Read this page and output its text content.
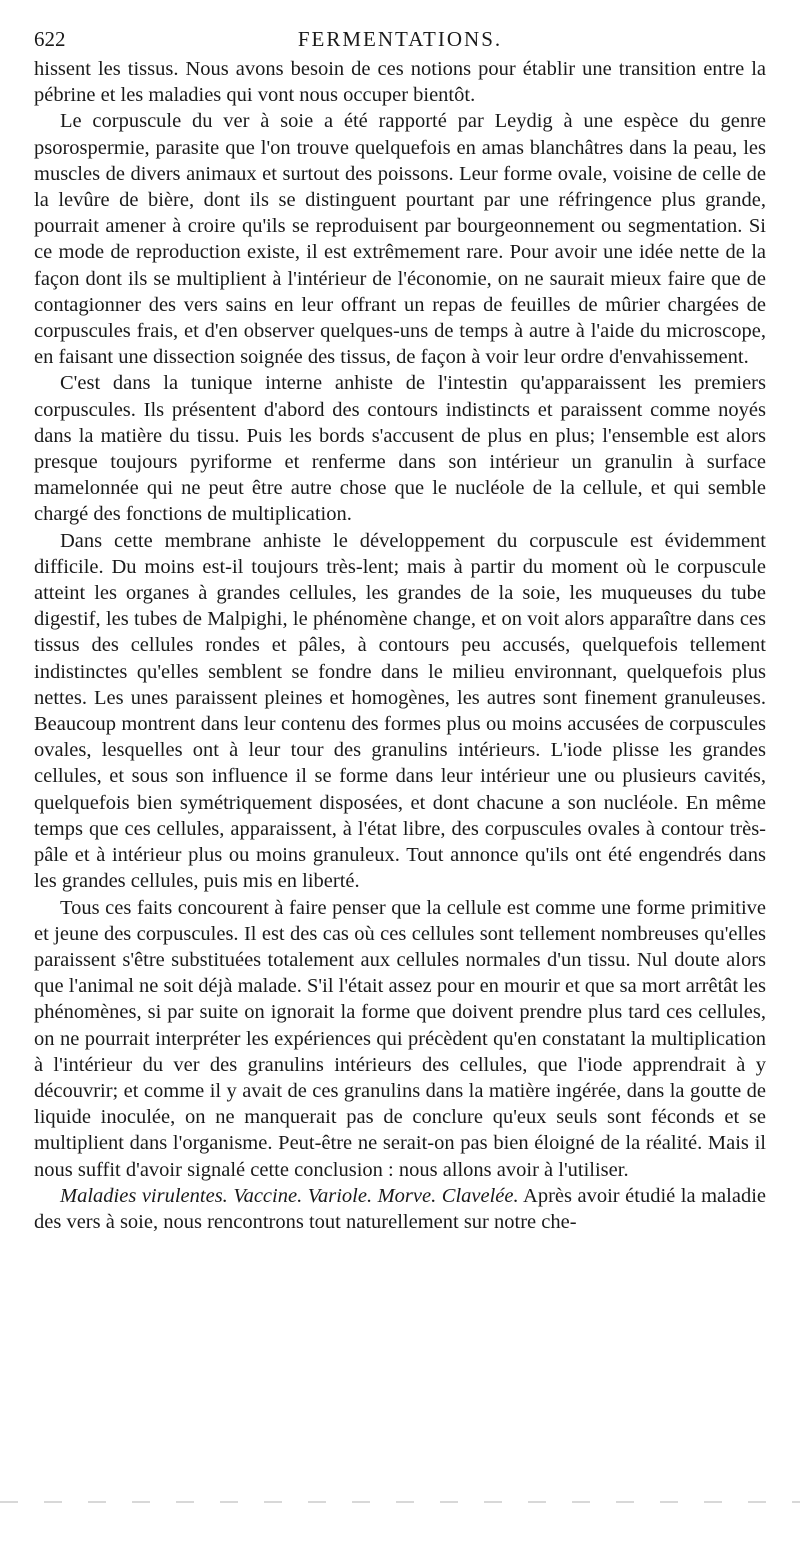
622	FERMENTATIONS.

hissent les tissus. Nous avons besoin de ces notions pour établir une transition entre la pébrine et les maladies qui vont nous occuper bientôt.

Le corpuscule du ver à soie a été rapporté par Leydig à une espèce du genre psorospermie, parasite que l'on trouve quelquefois en amas blanchâtres dans la peau, les muscles de divers animaux et surtout des poissons. Leur forme ovale, voisine de celle de la levûre de bière, dont ils se distinguent pourtant par une réfringence plus grande, pourrait amener à croire qu'ils se reproduisent par bourgeonnement ou segmentation. Si ce mode de reproduction existe, il est extrêmement rare. Pour avoir une idée nette de la façon dont ils se multiplient à l'intérieur de l'économie, on ne saurait mieux faire que de contagionner des vers sains en leur offrant un repas de feuilles de mûrier chargées de corpuscules frais, et d'en observer quelques-uns de temps à autre à l'aide du microscope, en faisant une dissection soignée des tissus, de façon à voir leur ordre d'envahissement.

C'est dans la tunique interne anhiste de l'intestin qu'apparaissent les premiers corpuscules. Ils présentent d'abord des contours indistincts et paraissent comme noyés dans la matière du tissu. Puis les bords s'accusent de plus en plus; l'ensemble est alors presque toujours pyriforme et renferme dans son intérieur un granulin à surface mamelonnée qui ne peut être autre chose que le nucléole de la cellule, et qui semble chargé des fonctions de multiplication.

Dans cette membrane anhiste le développement du corpuscule est évidemment difficile. Du moins est-il toujours très-lent; mais à partir du moment où le corpuscule atteint les organes à grandes cellules, les grandes de la soie, les muqueuses du tube digestif, les tubes de Malpighi, le phénomène change, et on voit alors apparaître dans ces tissus des cellules rondes et pâles, à contours peu accusés, quelquefois tellement indistinctes qu'elles semblent se fondre dans le milieu environnant, quelquefois plus nettes. Les unes paraissent pleines et homogènes, les autres sont finement granuleuses. Beaucoup montrent dans leur contenu des formes plus ou moins accusées de corpuscules ovales, lesquelles ont à leur tour des granulins intérieurs. L'iode plisse les grandes cellules, et sous son influence il se forme dans leur intérieur une ou plusieurs cavités, quelquefois bien symétriquement disposées, et dont chacune a son nucléole. En même temps que ces cellules, apparaissent, à l'état libre, des corpuscules ovales à contour très-pâle et à intérieur plus ou moins granuleux. Tout annonce qu'ils ont été engendrés dans les grandes cellules, puis mis en liberté.

Tous ces faits concourent à faire penser que la cellule est comme une forme primitive et jeune des corpuscules. Il est des cas où ces cellules sont tellement nombreuses qu'elles paraissent s'être substituées totalement aux cellules normales d'un tissu. Nul doute alors que l'animal ne soit déjà malade. S'il l'était assez pour en mourir et que sa mort arrêtât les phénomènes, si par suite on ignorait la forme que doivent prendre plus tard ces cellules, on ne pourrait interpréter les expériences qui précèdent qu'en constatant la multiplication à l'intérieur du ver des granulins intérieurs des cellules, que l'iode apprendrait à y découvrir; et comme il y avait de ces granulins dans la matière ingérée, dans la goutte de liquide inoculée, on ne manquerait pas de conclure qu'eux seuls sont féconds et se multiplient dans l'organisme. Peut-être ne serait-on pas bien éloigné de la réalité. Mais il nous suffit d'avoir signalé cette conclusion : nous allons avoir à l'utiliser.

Maladies virulentes. Vaccine. Variole. Morve. Clavelée. Après avoir étudié la maladie des vers à soie, nous rencontrons tout naturellement sur notre che-
